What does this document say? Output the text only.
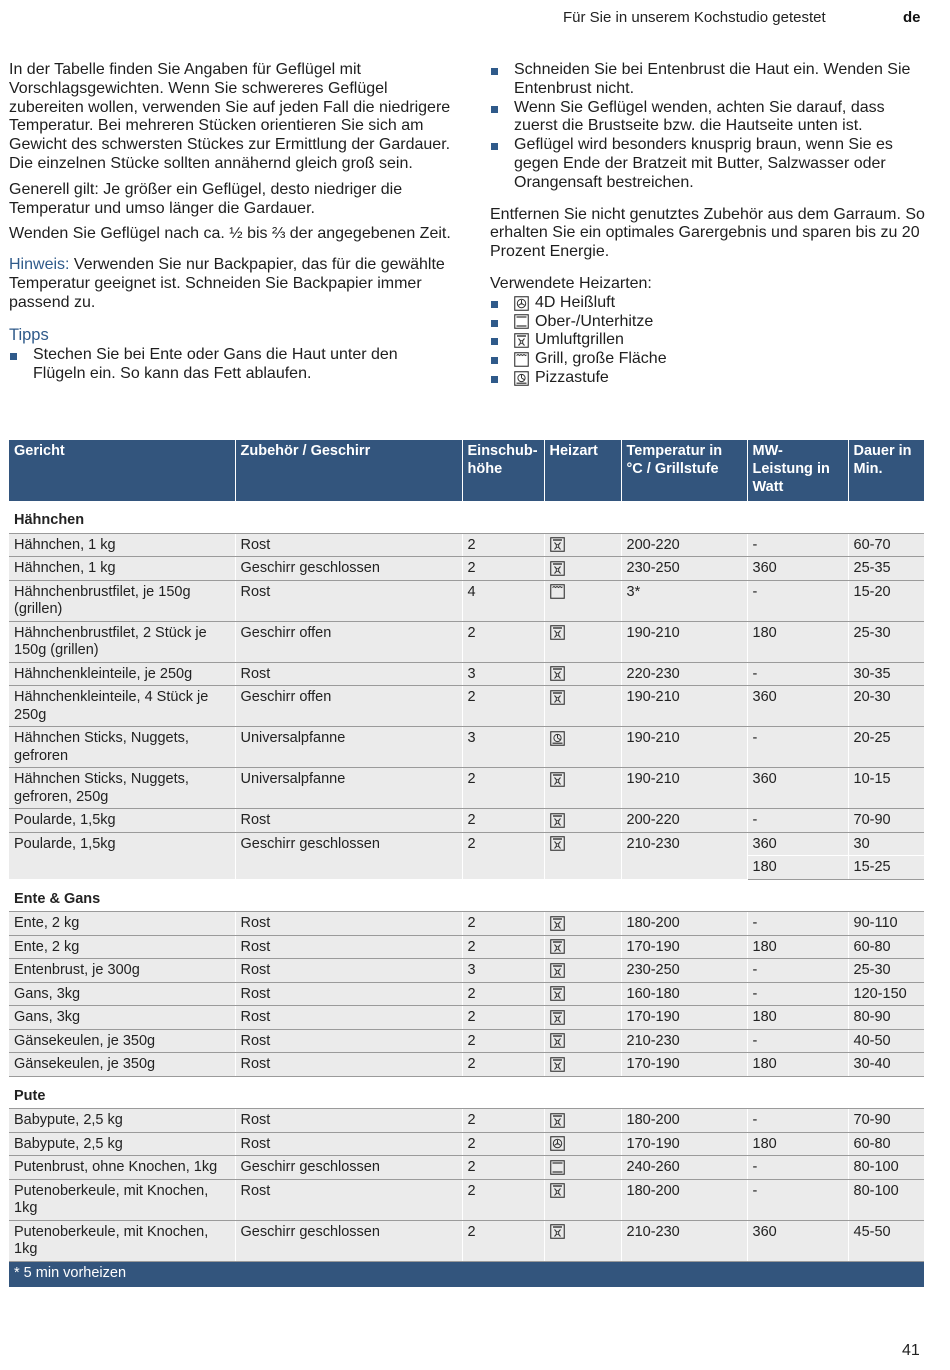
Für Sie in unserem Kochstudio getestet	de

In der Tabelle finden Sie Angaben für Geflügel mit Vorschlagsgewichten. Wenn Sie schwereres Geflügel zubereiten wollen, verwenden Sie auf jeden Fall die niedrigere Temperatur. Bei mehreren Stücken orientieren Sie sich am Gewicht des schwersten Stückes zur Ermittlung der Gardauer. Die einzelnen Stücke sollten annähernd gleich groß sein.

Generell gilt: Je größer ein Geflügel, desto niedriger die Temperatur und umso länger die Gardauer.

Wenden Sie Geflügel nach ca. ½ bis ⅔ der angegebenen Zeit.

Hinweis: Verwenden Sie nur Backpapier, das für die gewählte Temperatur geeignet ist. Schneiden Sie Backpapier immer passend zu.

Tipps
Stechen Sie bei Ente oder Gans die Haut unter den Flügeln ein. So kann das Fett ablaufen.
Schneiden Sie bei Entenbrust die Haut ein. Wenden Sie Entenbrust nicht.
Wenn Sie Geflügel wenden, achten Sie darauf, dass zuerst die Brustseite bzw. die Hautseite unten ist.
Geflügel wird besonders knusprig braun, wenn Sie es gegen Ende der Bratzeit mit Butter, Salzwasser oder Orangensaft bestreichen.

Entfernen Sie nicht genutztes Zubehör aus dem Garraum. So erhalten Sie ein optimales Garergebnis und sparen bis zu 20 Prozent Energie.

Verwendete Heizarten:

4D Heißluft
Ober-/Unterhitze
Umluftgrillen
Grill, große Fläche
Pizzastufe
Gericht	Zubehör / Geschirr	Einschub-höhe	Heizart	Temperatur in °C / Grillstufe	MW-Leistung in Watt	Dauer in Min.
Hähnchen						
Hähnchen, 1 kg	Rost	2		200-220	-	60-70
Hähnchen, 1 kg	Geschirr geschlossen	2		230-250	360	25-35
Hähnchenbrustfilet, je 150g (grillen)	Rost	4		3*	-	15-20
Hähnchenbrustfilet, 2 Stück je 150g (grillen)	Geschirr offen	2		190-210	180	25-30
Hähnchenkleinteile, je 250g	Rost	3		220-230	-	30-35
Hähnchenkleinteile, 4 Stück je 250g	Geschirr offen	2		190-210	360	20-30
Hähnchen Sticks, Nuggets, gefroren	Universalpfanne	3		190-210	-	20-25
Hähnchen Sticks, Nuggets, gefroren, 250g	Universalpfanne	2		190-210	360	10-15
Poularde, 1,5kg	Rost	2		200-220	-	70-90
Poularde, 1,5kg	Geschirr geschlossen	2		210-230	360	30
					180	15-25
Ente & Gans						
Ente, 2 kg	Rost	2		180-200	-	90-110
Ente, 2 kg	Rost	2		170-190	180	60-80
Entenbrust, je 300g	Rost	3		230-250	-	25-30
Gans, 3kg	Rost	2		160-180	-	120-150
Gans, 3kg	Rost	2		170-190	180	80-90
Gänsekeulen, je 350g	Rost	2		210-230	-	40-50
Gänsekeulen, je 350g	Rost	2		170-190	180	30-40
Pute						
Babypute, 2,5 kg	Rost	2		180-200	-	70-90
Babypute, 2,5 kg	Rost	2		170-190	180	60-80
Putenbrust, ohne Knochen, 1kg	Geschirr geschlossen	2		240-260	-	80-100
Putenoberkeule, mit Knochen, 1kg	Rost	2		180-200	-	80-100
Putenoberkeule, mit Knochen, 1kg	Geschirr geschlossen	2		210-230	360	45-50
* 5 min vorheizen						
41
